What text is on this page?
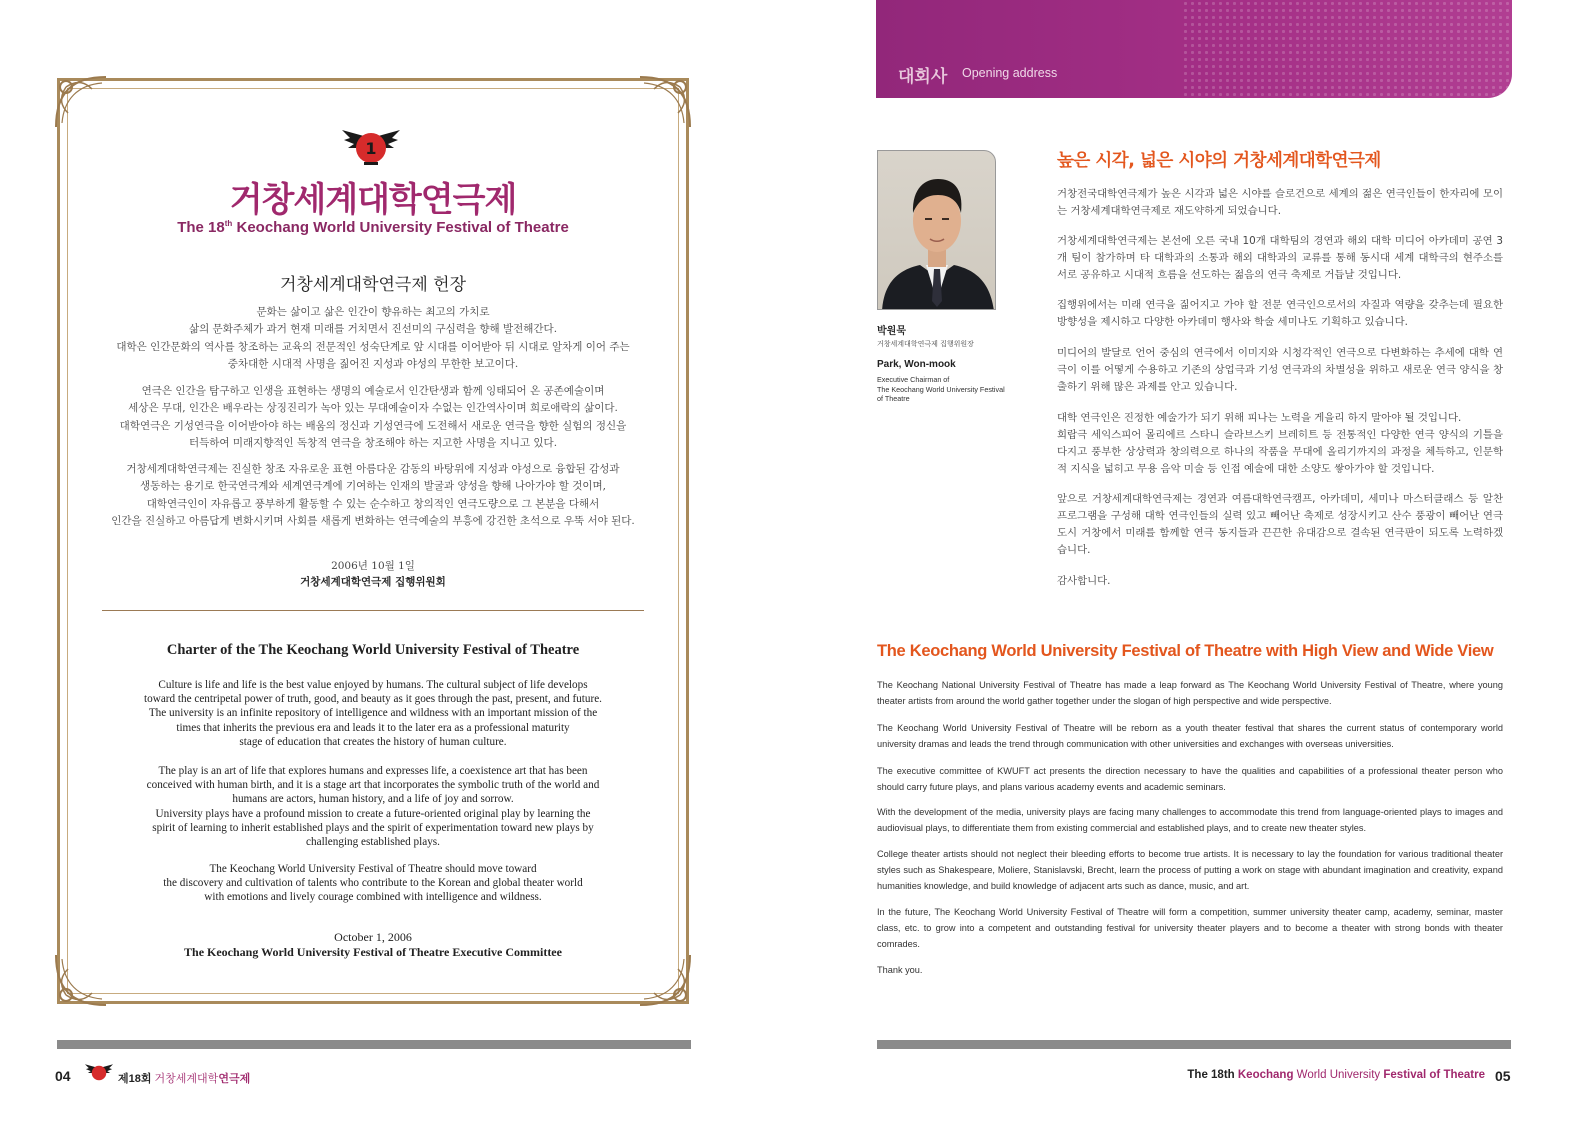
1
거창세계대학연극제
The 18th Keochang World University Festival of Theatre
거창세계대학연극제 헌장
문화는 삶이고 삶은 인간이 향유하는 최고의 가치로
삶의 문화주체가 과거 현재 미래를 거치면서 진선미의 구심력을 향해 발전해간다.
대학은 인간문화의 역사를 창조하는 교육의 전문적인 성숙단계로 앞 시대를 이어받아 뒤 시대로 알차게 이어 주는
중차대한 시대적 사명을 짊어진 지성과 야성의 무한한 보고이다.
연극은 인간을 탐구하고 인생을 표현하는 생명의 예술로서 인간탄생과 함께 잉태되어 온 공존예술이며
세상은 무대, 인간은 배우라는 상징진리가 녹아 있는 무대예술이자 수없는 인간역사이며 희로애락의 삶이다.
대학연극은 기성연극을 이어받아야 하는 배움의 정신과 기성연극에 도전해서 새로운 연극을 향한 실험의 정신을
터득하여 미래지향적인 독창적 연극을 창조해야 하는 지고한 사명을 지니고 있다.
거창세계대학연극제는 진실한 창조 자유로운 표현 아름다운 감동의 바탕위에 지성과 야성으로 융합된 감성과
생동하는 용기로 한국연극계와 세계연극계에 기여하는 인재의 발굴과 양성을 향해 나아가야 할 것이며,
대학연극인이 자유롭고 풍부하게 활동할 수 있는 순수하고 창의적인 연극도량으로 그 본분을 다해서
인간을 진실하고 아름답게 변화시키며 사회를 새롭게 변화하는 연극예술의 부흥에 강건한 초석으로 우뚝 서야 된다.
2006년 10월 1일
거창세계대학연극제 집행위원회
Charter of the The Keochang World University Festival of Theatre
Culture is life and life is the best value enjoyed by humans. The cultural subject of life develops
toward the centripetal power of truth, good, and beauty as it goes through the past, present, and future.
The university is an infinite repository of intelligence and wildness with an important mission of the
times that inherits the previous era and leads it to the later era as a professional maturity
stage of education that creates the history of human culture.
The play is an art of life that explores humans and expresses life, a coexistence art that has been
conceived with human birth, and it is a stage art that incorporates the symbolic truth of the world and
humans are actors, human history, and a life of joy and sorrow.
University plays have a profound mission to create a future-oriented original play by learning the
spirit of learning to inherit established plays and the spirit of experimentation toward new plays by
challenging established plays.
The Keochang World University Festival of Theatre should move toward
the discovery and cultivation of talents who contribute to the Korean and global theater world
with emotions and lively courage combined with intelligence and wildness.
October 1, 2006
The Keochang World University Festival of Theatre Executive Committee
04	제18회 거창세계대학연극제
대회사 Opening address
박원묵
거창세계대학연극제 집행위원장
Park, Won-mook
Executive Chairman of
The Keochang World University Festival
of Theatre
높은 시각, 넓은 시야의 거창세계대학연극제
거창전국대학연극제가 높은 시각과 넓은 시야를 슬로건으로 세계의 젊은 연극인들이 한자리에 모이는 거창세계대학연극제로 재도약하게 되었습니다.
거창세계대학연극제는 본선에 오른 국내 10개 대학팀의 경연과 해외 대학 미디어 아카데미 공연 3개 팀이 참가하며 타 대학과의 소통과 해외 대학과의 교류를 통해 동시대 세계 대학극의 현주소를 서로 공유하고 시대적 흐름을 선도하는 젊음의 연극 축제로 거듭날 것입니다.
집행위에서는 미래 연극을 짊어지고 가야 할 전문 연극인으로서의 자질과 역량을 갖추는데 필요한 방향성을 제시하고 다양한 아카데미 행사와 학술 세미나도 기획하고 있습니다.
미디어의 발달로 언어 중심의 연극에서 이미지와 시청각적인 연극으로 다변화하는 추세에 대학 연극이 이를 어떻게 수용하고 기존의 상업극과 기성 연극과의 차별성을 위하고 새로운 연극 양식을 창출하기 위해 많은 과제를 안고 있습니다.
대학 연극인은 진정한 예술가가 되기 위해 피나는 노력을 게을리 하지 말아야 될 것입니다.
희랍극 세익스피어 몰리에르 스타니 슬라브스키 브레히트 등 전통적인 다양한 연극 양식의 기틀을 다지고 풍부한 상상력과 창의력으로 하나의 작품을 무대에 올리기까지의 과정을 체득하고, 인문학적 지식을 넓히고 무용 음악 미술 등 인접 예술에 대한 소양도 쌓아가야 할 것입니다.
앞으로 거창세계대학연극제는 경연과 여름대학연극캠프, 아카데미, 세미나 마스터클래스 등 알찬 프로그램을 구성해 대학 연극인들의 실력 있고 빼어난 축제로 성장시키고 산수 풍광이 빼어난 연극 도시 거창에서 미래를 함께할 연극 동지들과 끈끈한 유대감으로 결속된 연극판이 되도록 노력하겠습니다.
감사합니다.
The Keochang World University Festival of Theatre with High View and Wide View
The Keochang National University Festival of Theatre has made a leap forward as The Keochang World University Festival of Theatre, where young theater artists from around the world gather together under the slogan of high perspective and wide perspective.
The Keochang World University Festival of Theatre will be reborn as a youth theater festival that shares the current status of contemporary world university dramas and leads the trend through communication with other universities and exchanges with overseas universities.
The executive committee of KWUFT act presents the direction necessary to have the qualities and capabilities of a professional theater person who should carry future plays, and plans various academy events and academic seminars.
With the development of the media, university plays are facing many challenges to accommodate this trend from language-oriented plays to images and audiovisual plays, to differentiate them from existing commercial and established plays, and to create new theater styles.
College theater artists should not neglect their bleeding efforts to become true artists. It is necessary to lay the foundation for various traditional theater styles such as Shakespeare, Moliere, Stanislavski, Brecht, learn the process of putting a work on stage with abundant imagination and creativity, expand humanities knowledge, and build knowledge of adjacent arts such as dance, music, and art.
In the future, The Keochang World University Festival of Theatre will form a competition, summer university theater camp, academy, seminar, master class, etc. to grow into a competent and outstanding festival for university theater players and to become a theater with strong bonds with theater comrades.
Thank you.
The 18th Keochang World University Festival of Theatre 05
